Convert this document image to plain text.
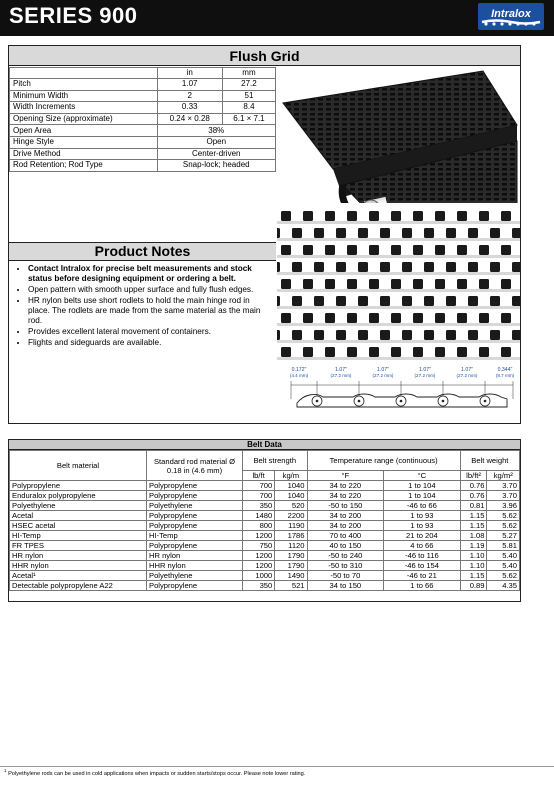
SERIES 900	Intralox
Flush Grid
	in	mm
Pitch	1.07	27.2
Minimum Width	2	51
Width Increments	0.33	8.4
Opening Size (approximate)	0.24 × 0.28	6.1 × 7.1
Open Area	38%	
Hinge Style	Open	
Drive Method	Center-driven	
Rod Retention; Rod Type	Snap-lock; headed	
0.172"
(4.4 mm)
1.07"
(27.2 mm)
1.07"
(27.2 mm)
1.07"
(27.2 mm)
1.07"
(27.2 mm)
0.344"
(8.7 mm)
Product Notes
• Contact Intralox for precise belt measurements and stock status before designing equipment or ordering a belt.
• Open pattern with smooth upper surface and fully flush edges.
• HR nylon belts use short rodlets to hold the main hinge rod in place. The rodlets are made from the same material as the main rod.
• Provides excellent lateral movement of containers.
• Flights and sideguards are available.
Belt Data
Belt material	Standard rod material Ø 0.18 in (4.6 mm)	Belt strength		Temperature range (continuous)		Belt weight	
		lb/ft	kg/m	°F	°C	lb/ft²	kg/m²
Polypropylene	Polypropylene	700	1040	34 to 220	1 to 104	0.76	3.70
Enduralox polypropylene	Polypropylene	700	1040	34 to 220	1 to 104	0.76	3.70
Polyethylene	Polyethylene	350	520	-50 to 150	-46 to 66	0.81	3.96
Acetal	Polypropylene	1480	2200	34 to 200	1 to 93	1.15	5.62
HSEC acetal	Polypropylene	800	1190	34 to 200	1 to 93	1.15	5.62
HI-Temp	HI-Temp	1200	1786	70 to 400	21 to 204	1.08	5.27
FR TPES	Polypropylene	750	1120	40 to 150	4 to 66	1.19	5.81
HR nylon	HR nylon	1200	1790	-50 to 240	-46 to 116	1.10	5.40
HHR nylon	HHR nylon	1200	1790	-50 to 310	-46 to 154	1.10	5.40
Acetal¹	Polyethylene	1000	1490	-50 to 70	-46 to 21	1.15	5.62
Detectable polypropylene A22	Polypropylene	350	521	34 to 150	1 to 66	0.89	4.35
$^1$ Polyethylene rods can be used in cold applications when impacts or sudden starts/stops occur. Please note lower rating.
